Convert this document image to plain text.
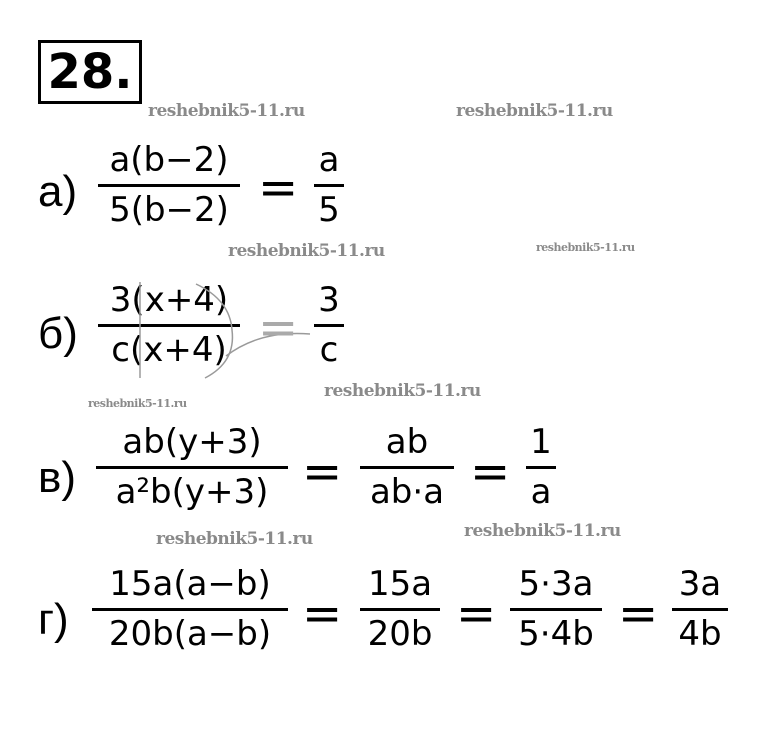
28.
reshebnik5-11.ru	reshebnik5-11.ru
reshebnik5-11.ru	reshebnik5-11.ru
reshebnik5-11.ru
reshebnik5-11.ru
reshebnik5-11.ru	reshebnik5-11.ru
а)
a(b−2)
5(b−2) = a
5
б)
3(x+4)
c(x+4) = 3
c
в)
ab(y+3)
a²b(y+3) =
ab
ab·a =
1
a
г)
15a(a−b)
20b(a−b) =
15a
20b =
5·3a
5·4b =
3a
4b
